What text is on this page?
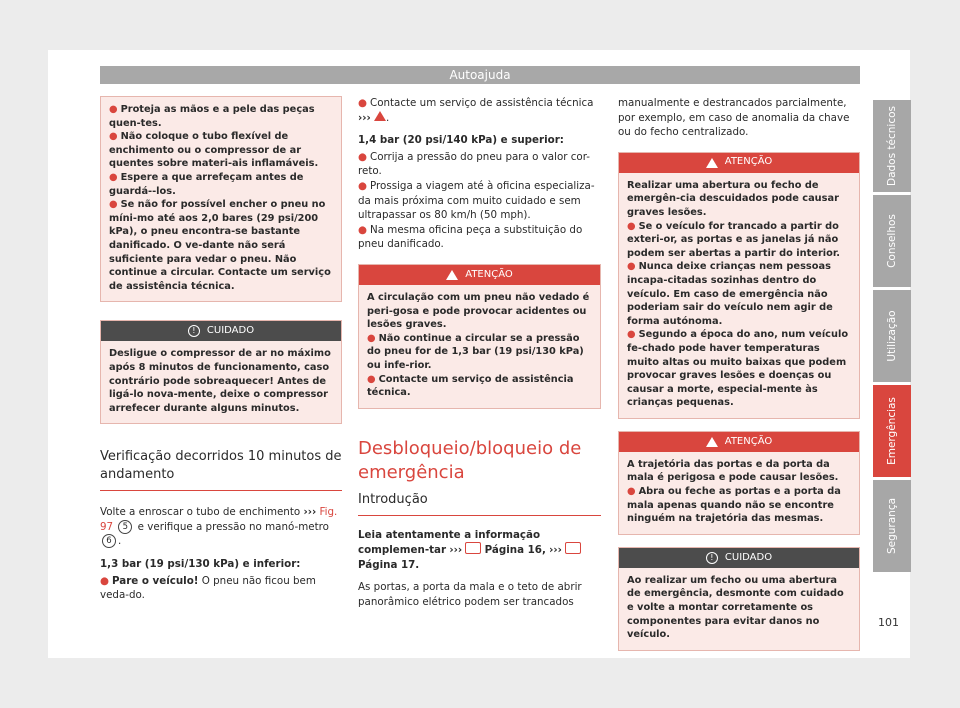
Autoajuda

● Proteja as mãos e a pele das peças quen-tes.

● Não coloque o tubo flexível de enchimento ou o compressor de ar quentes sobre materi-ais inflamáveis.

● Espere a que arrefeçam antes de guardá--los.

● Se não for possível encher o pneu no míni-mo até aos 2,0 bares (29 psi/200 kPa), o pneu encontra-se bastante danificado. O ve-dante não será suficiente para vedar o pneu. Não continue a circular. Contacte um serviço de assistência técnica.

!	CUIDADO
Desligue o compressor de ar no máximo após 8 minutos de funcionamento, caso contrário pode sobreaquecer! Antes de ligá-lo nova-mente, deixe o compressor arrefecer durante alguns minutos.
Verificação decorridos 10 minutos de andamento

Volte a enroscar o tubo de enchimento ››› Fig. 97 5 e verifique a pressão no manó-metro 6 .

1,3 bar (19 psi/130 kPa) e inferior:

● Pare o veículo! O pneu não ficou bem veda-do.

● Contacte um serviço de assistência técnica ››› .

1,4 bar (20 psi/140 kPa) e superior:

● Corrija a pressão do pneu para o valor cor-reto.

● Prossiga a viagem até à oficina especializa-da mais próxima com muito cuidado e sem ultrapassar os 80 km/h (50 mph).

● Na mesma oficina peça a substituição do pneu danificado.

ATENÇÃO

A circulação com um pneu não vedado é peri-gosa e pode provocar acidentes ou lesões graves.

● Não continue a circular se a pressão do pneu for de 1,3 bar (19 psi/130 kPa) ou infe-rior.

● Contacte um serviço de assistência técnica.

Desbloqueio/bloqueio de emergência
Introdução

Leia atentamente a informação complemen-tar ››› Página 16, ›››  Página 17.

As portas, a porta da mala e o teto de abrir panorâmico elétrico podem ser trancados

manualmente e destrancados parcialmente, por exemplo, em caso de anomalia da chave ou do fecho centralizado.

ATENÇÃO

Realizar uma abertura ou fecho de emergên-cia descuidados pode causar graves lesões.

● Se o veículo for trancado a partir do exteri-or, as portas e as janelas já não podem ser abertas a partir do interior.

● Nunca deixe crianças nem pessoas incapa-citadas sozinhas dentro do veículo. Em caso de emergência não poderiam sair do veículo nem agir de forma autónoma.

● Segundo a época do ano, num veículo fe-chado pode haver temperaturas muito altas ou muito baixas que podem provocar graves lesões e doenças ou causar a morte, especial-mente às crianças pequenas.

ATENÇÃO

A trajetória das portas e da porta da mala é perigosa e pode causar lesões.

● Abra ou feche as portas e a porta da mala apenas quando não se encontre ninguém na trajetória das mesmas.

!	CUIDADO
Ao realizar um fecho ou uma abertura de emergência, desmonte com cuidado e volte a montar corretamente os componentes para evitar danos no veículo.
Dados técnicos
Conselhos
Utilização
Emergências
Segurança
101
